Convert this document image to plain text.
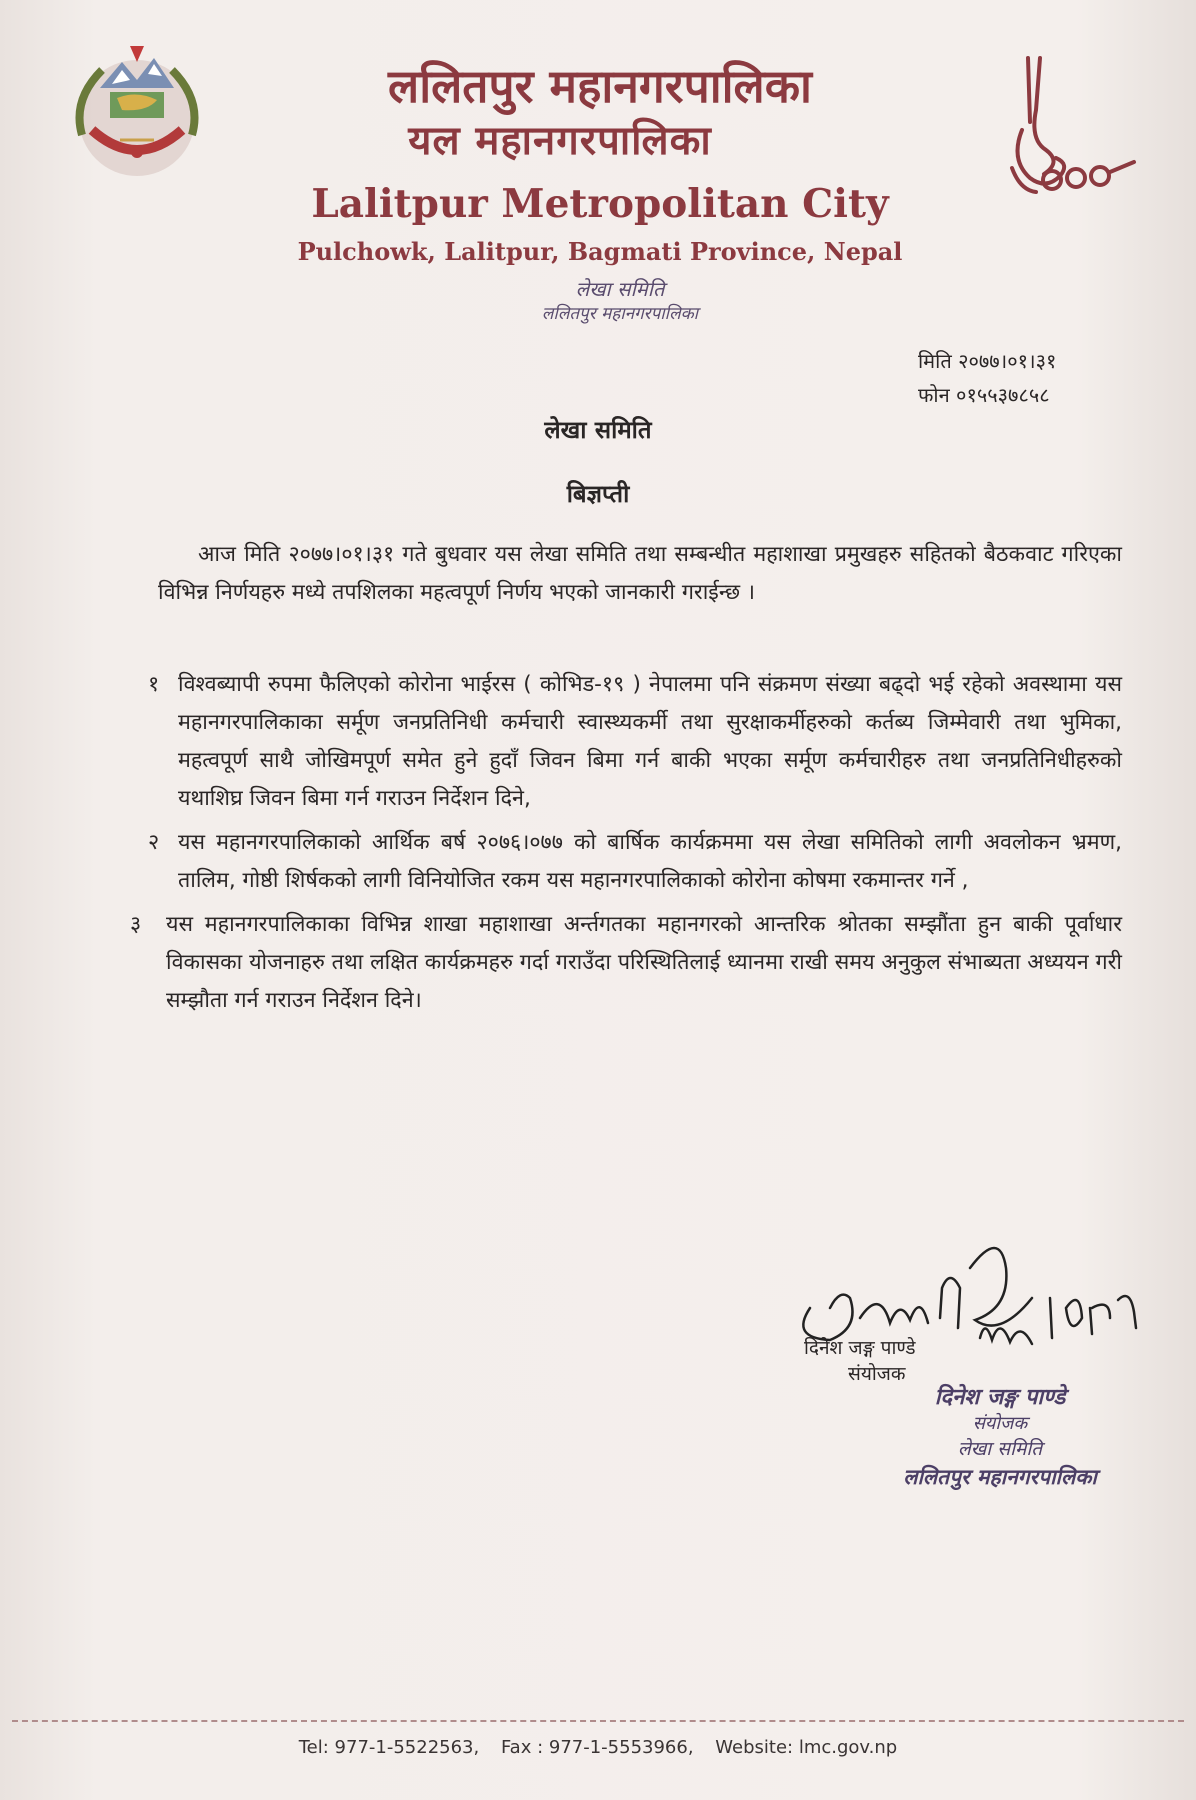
ललितपुर महानगरपालिका
यल महानगरपालिका
Lalitpur Metropolitan City

Pulchowk, Lalitpur, Bagmati Province, Nepal

लेखा समिति
ललितपुर महानगरपालिका
मिति २०७७।०१।३१
फोन ०१५५३७८५८
लेखा समिति
बिज्ञप्ती

आज मिति २०७७।०१।३१ गते बुधवार यस लेखा समिति तथा सम्बन्धीत महाशाखा प्रमुखहरु सहितको बैठकवाट गरिएका विभिन्न निर्णयहरु मध्ये तपशिलका महत्वपूर्ण निर्णय भएको जानकारी गराईन्छ ।

१ विश्वब्यापी रुपमा फैलिएको कोरोना भाईरस ( कोभिड-१९ ) नेपालमा पनि संक्रमण संख्या बढ्दो भई रहेको अवस्थामा यस महानगरपालिकाका सर्मूण जनप्रतिनिधी कर्मचारी स्वास्थ्यकर्मी तथा सुरक्षाकर्मीहरुको कर्तब्य जिम्मेवारी तथा भुमिका, महत्वपूर्ण साथै जोखिमपूर्ण समेत हुने हुदाँ जिवन बिमा गर्न बाकी भएका सर्मूण कर्मचारीहरु तथा जनप्रतिनिधीहरुको यथाशिघ्र जिवन बिमा गर्न गराउन निर्देशन दिने,
२ यस महानगरपालिकाको आर्थिक बर्ष २०७६।०७७ को बार्षिक कार्यक्रममा यस लेखा समितिको लागी अवलोकन भ्रमण, तालिम, गोष्ठी शिर्षकको लागी विनियोजित रकम यस महानगरपालिकाको कोरोना कोषमा रकमान्तर गर्ने ,
३ यस महानगरपालिकाका विभिन्न शाखा महाशाखा अर्न्तगतका महानगरको आन्तरिक श्रोतका सम्झौंता हुन बाकी पूर्वाधार विकासका योजनाहरु तथा लक्षित कार्यक्रमहरु गर्दा गराउँदा परिस्थितिलाई ध्यानमा राखी समय अनुकुल संभाब्यता अध्ययन गरी सम्झौता गर्न गराउन निर्देशन दिने।
दिनेश जङ्ग पाण्डे
संयोजक
दिनेश जङ्ग पाण्डे
संयोजक
लेखा समिति
ललितपुर महानगरपालिका
Tel: 977-1-5522563, Fax : 977-1-5553966, Website: lmc.gov.np
